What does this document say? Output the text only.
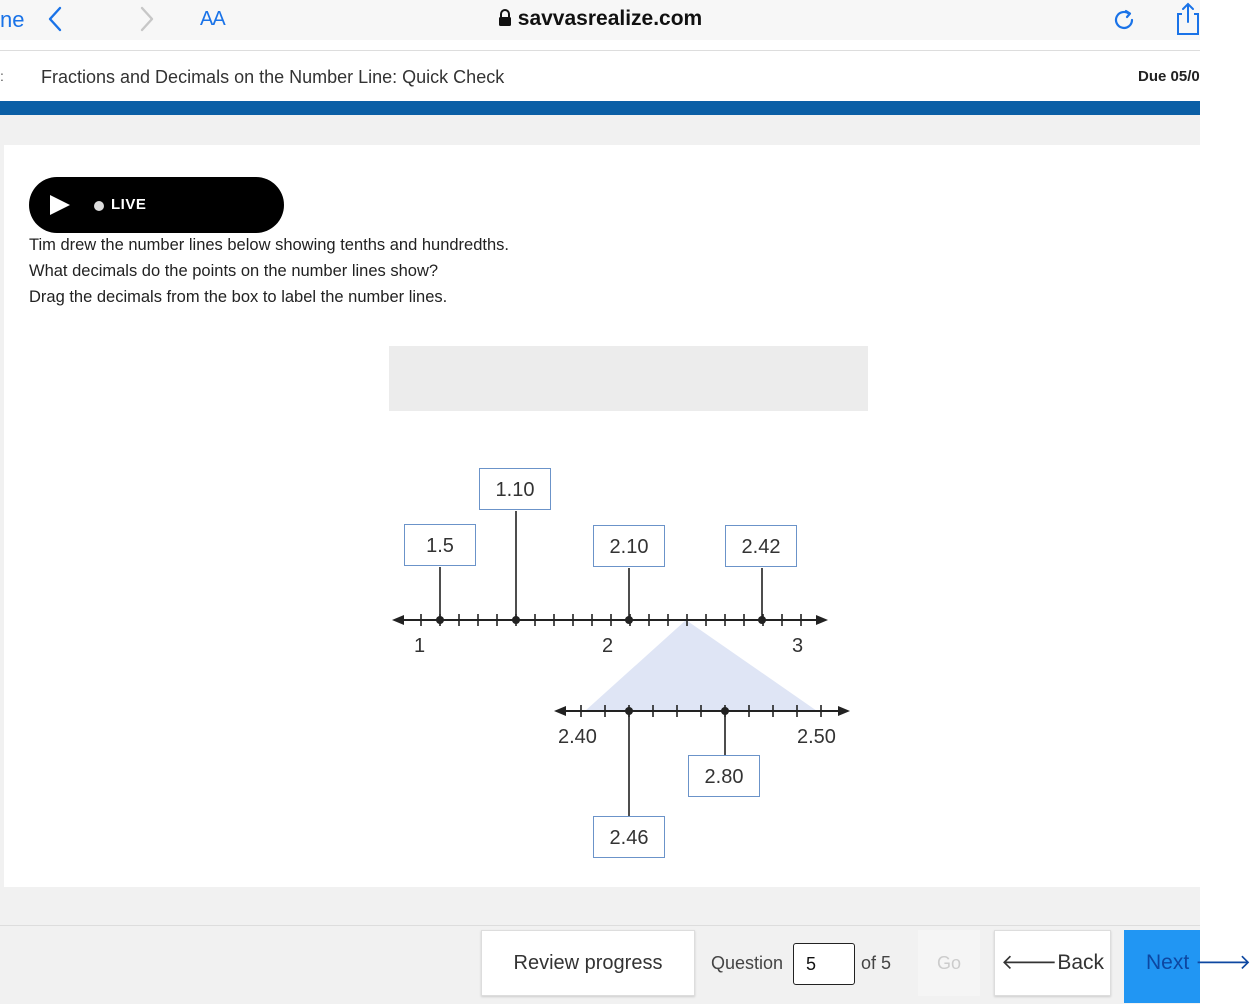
ne	AA	savvasrealize.com
: Fractions and Decimals on the Number Line: Quick Check	Due 05/0
LIVE
Tim drew the number lines below showing tenths and hundredths.
What decimals do the points on the number lines show?
Drag the decimals from the box to label the number lines.
1	2	3
2.40	2.50
1.5
1.10
2.10	2.42
2.80
2.46
Review progress	Question
5	of 5	Go	🡐Back	Next 🡒
